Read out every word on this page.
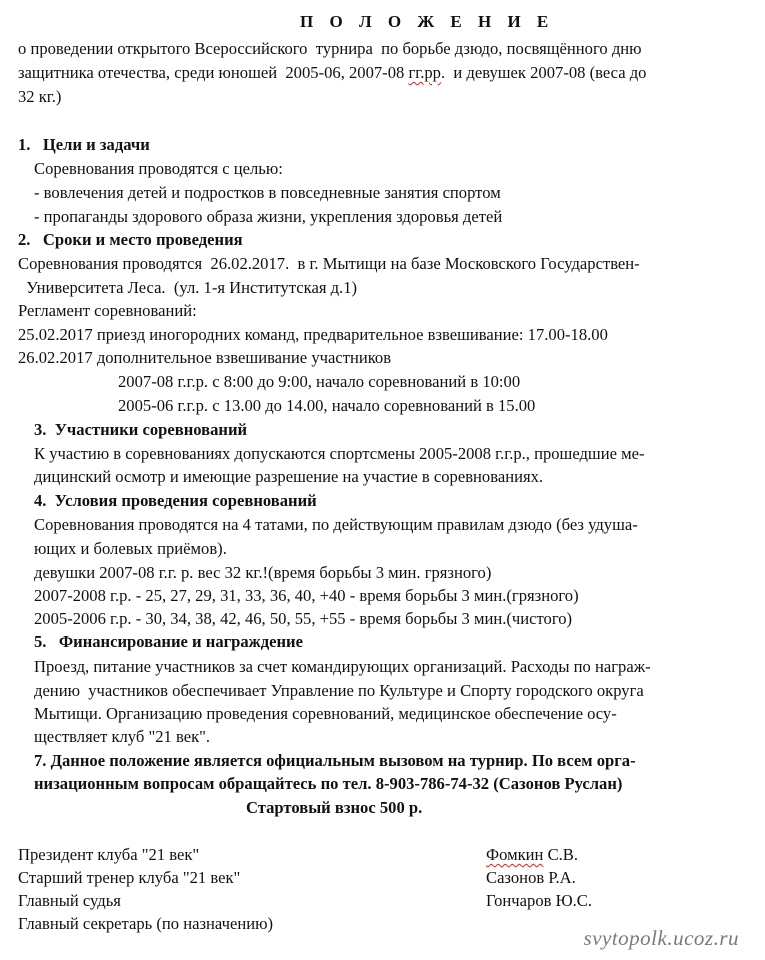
П О Л О Ж Е Н И Е
о проведении открытого Всероссийского  турнира  по борьбе дзюдо, посвящённого дню
защитника отечества, среди юношей  2005-06, 2007-08 гг.рр.  и девушек 2007-08 (веса до
32 кг.)
1.   Цели и задачи
Соревнования проводятся с целью:
- вовлечения детей и подростков в повседневные занятия спортом
- пропаганды здорового образа жизни, укрепления здоровья детей
2.   Сроки и место проведения
Соревнования проводятся  26.02.2017.  в г. Мытищи на базе Московского Государствен-
Университета Леса.  (ул. 1-я Институтская д.1)
Регламент соревнований:
25.02.2017 приезд иногородних команд, предварительное взвешивание: 17.00-18.00
26.02.2017 дополнительное взвешивание участников
2007-08 г.г.р. с 8:00 до 9:00, начало соревнований в 10:00
2005-06 г.г.р. с 13.00 до 14.00, начало соревнований в 15.00
3.  Участники соревнований
К участию в соревнованиях допускаются спортсмены 2005-2008 г.г.р., прошедшие ме-
дицинский осмотр и имеющие разрешение на участие в соревнованиях.
4.  Условия проведения соревнований
Соревнования проводятся на 4 татами, по действующим правилам дзюдо (без удуша-
ющих и болевых приёмов).
девушки 2007-08 г.г. р. вес 32 кг.!(время борьбы 3 мин. грязного)
2007-2008 г.р. - 25, 27, 29, 31, 33, 36, 40, +40 - время борьбы 3 мин.(грязного)
2005-2006 г.р. - 30, 34, 38, 42, 46, 50, 55, +55 - время борьбы 3 мин.(чистого)
5.   Финансирование и награждение
Проезд, питание участников за счет командирующих организаций. Расходы по награж-
дению  участников обеспечивает Управление по Культуре и Спорту городского округа
Мытищи. Организацию проведения соревнований, медицинское обеспечение осу-
ществляет клуб "21 век".
7. Данное положение является официальным вызовом на турнир. По всем орга-
низационным вопросам обращайтесь по тел. 8-903-786-74-32 (Сазонов Руслан)
Стартовый взнос 500 р.
Президент клуба "21 век"
Старший тренер клуба "21 век"
Главный судья
Главный секретарь (по назначению)
Фомкин С.В.
Сазонов Р.А.
Гончаров Ю.С.
svytopolk.ucoz.ru
